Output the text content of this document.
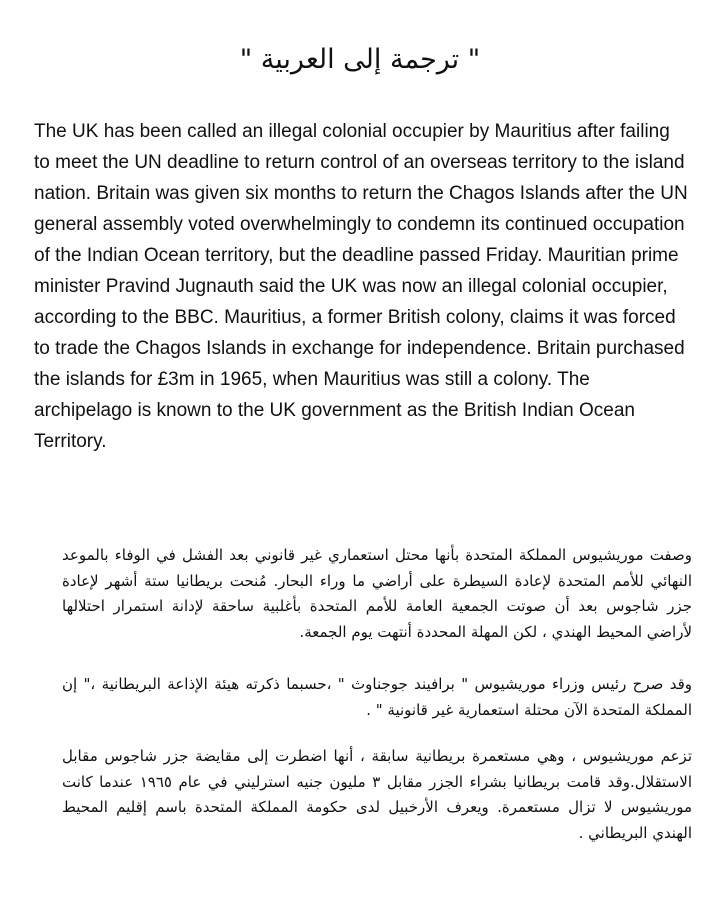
" ترجمة إلى العربية "

The UK has been called an illegal colonial occupier by Mauritius after failing to meet the UN deadline to return control of an overseas territory to the island nation. Britain was given six months to return the Chagos Islands after the UN general assembly voted overwhelmingly to condemn its continued occupation of the Indian Ocean territory, but the deadline passed Friday. Mauritian prime minister Pravind Jugnauth said the UK was now an illegal colonial occupier, according to the BBC. Mauritius, a former British colony, claims it was forced to trade the Chagos Islands in exchange for independence. Britain purchased the islands for £3m in 1965, when Mauritius was still a colony. The archipelago is known to the UK government as the British Indian Ocean Territory.

وصفت موريشيوس المملكة المتحدة بأنها محتل استعماري غير قانوني بعد الفشل في الوفاء بالموعد النهائي للأمم المتحدة لإعادة السيطرة على أراضي ما وراء البحار. مُنحت بريطانيا ستة أشهر لإعادة جزر شاجوس بعد أن صوتت الجمعية العامة للأمم المتحدة بأغلبية ساحقة لإدانة استمرار احتلالها لأراضي المحيط الهندي ، لكن المهلة المحددة أنتهت يوم الجمعة.

وقد صرح رئيس وزراء موريشيوس " برافيند جوجناوث " ،حسبما ذكرته هيئة الإذاعة البريطانية ،" إن المملكة المتحدة الآن محتلة استعمارية غير قانونية " .

تزعم موريشيوس ، وهي مستعمرة بريطانية سابقة ، أنها اضطرت إلى مقايضة جزر شاجوس مقابل الاستقلال.وقد قامت بريطانيا بشراء الجزر مقابل ٣ مليون جنيه استرليني في عام ١٩٦٥ عندما كانت موريشيوس لا تزال مستعمرة. ويعرف الأرخبيل لدى حكومة المملكة المتحدة باسم إقليم المحيط الهندي البريطاني .
